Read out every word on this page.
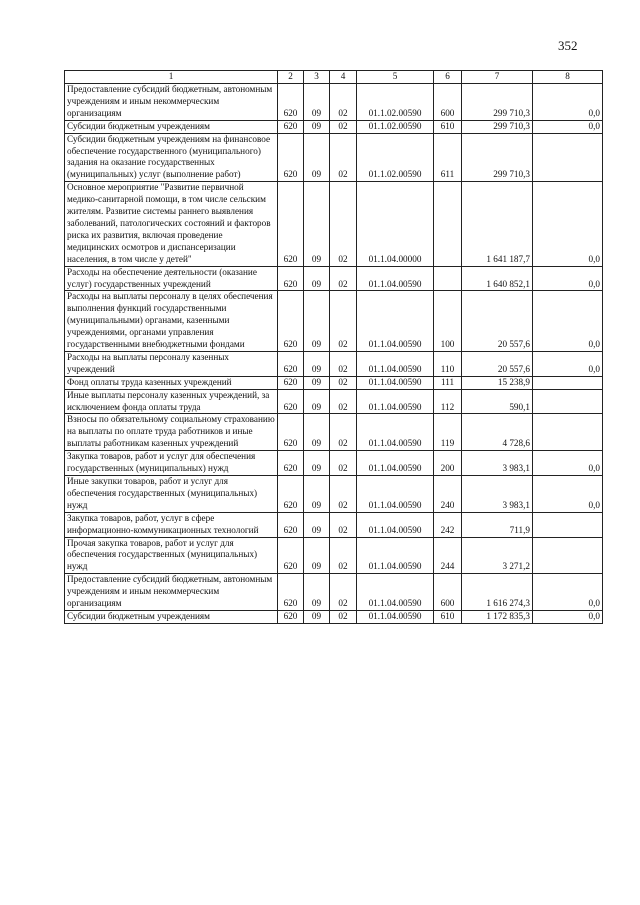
352
1	2	3	4	5	6	7	8
Предоставление субсидий бюджетным, автономным учреждениям и иным некоммерческим организациям	620	09	02	01.1.02.00590	600	299 710,3	0,0
Субсидии бюджетным учреждениям	620	09	02	01.1.02.00590	610	299 710,3	0,0
Субсидии бюджетным учреждениям на финансовое обеспечение государственного (муниципального) задания на оказание государственных (муниципальных) услуг (выполнение работ)	620	09	02	01.1.02.00590	611	299 710,3	
Основное мероприятие "Развитие первичной медико-санитарной помощи, в том числе сельским жителям. Развитие системы раннего выявления заболеваний, патологических состояний и факторов риска их развития, включая проведение медицинских осмотров и диспансеризации населения, в том числе у детей"	620	09	02	01.1.04.00000		1 641 187,7	0,0
Расходы на обеспечение деятельности (оказание услуг) государственных учреждений	620	09	02	01.1.04.00590		1 640 852,1	0,0
Расходы на выплаты персоналу в целях обеспечения выполнения функций государственными (муниципальными) органами, казенными учреждениями, органами управления государственными внебюджетными фондами	620	09	02	01.1.04.00590	100	20 557,6	0,0
Расходы на выплаты персоналу казенных учреждений	620	09	02	01.1.04.00590	110	20 557,6	0,0
Фонд оплаты труда казенных учреждений	620	09	02	01.1.04.00590	111	15 238,9	
Иные выплаты персоналу казенных учреждений, за исключением фонда оплаты труда	620	09	02	01.1.04.00590	112	590,1	
Взносы по обязательному социальному страхованию на выплаты по оплате труда работников и иные выплаты работникам казенных учреждений	620	09	02	01.1.04.00590	119	4 728,6	
Закупка товаров, работ и услуг для обеспечения государственных (муниципальных) нужд	620	09	02	01.1.04.00590	200	3 983,1	0,0
Иные закупки товаров, работ и услуг для обеспечения государственных (муниципальных) нужд	620	09	02	01.1.04.00590	240	3 983,1	0,0
Закупка товаров, работ, услуг в сфере информационно-коммуникационных технологий	620	09	02	01.1.04.00590	242	711,9	
Прочая закупка товаров, работ и услуг для обеспечения государственных (муниципальных) нужд	620	09	02	01.1.04.00590	244	3 271,2	
Предоставление субсидий бюджетным, автономным учреждениям и иным некоммерческим организациям	620	09	02	01.1.04.00590	600	1 616 274,3	0,0
Субсидии бюджетным учреждениям	620	09	02	01.1.04.00590	610	1 172 835,3	0,0
